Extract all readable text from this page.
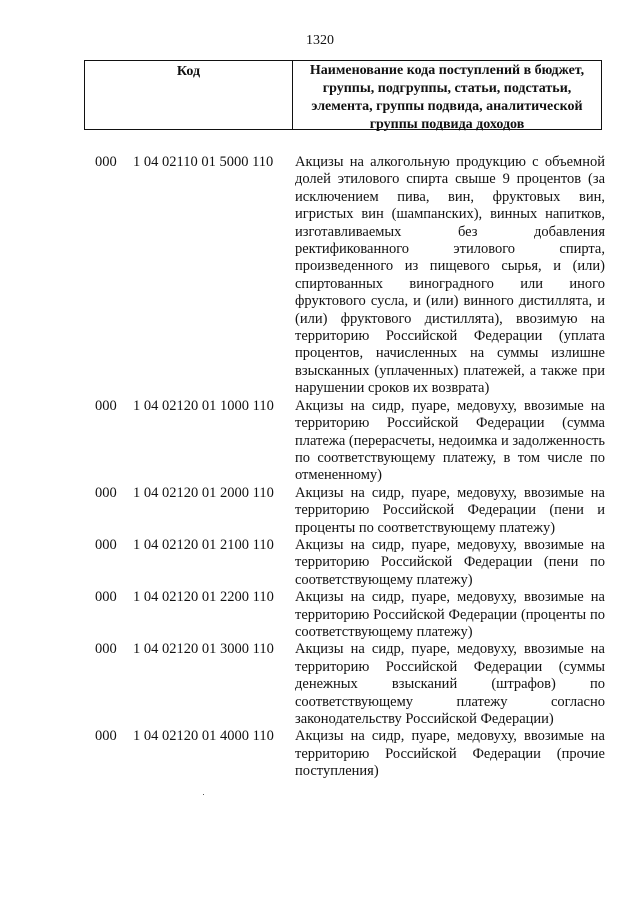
1320
Код	Наименование кода поступлений в бюджет, группы, подгруппы, статьи, подстатьи, элемента, группы подвида, аналитической группы подвида доходов
000	1 04 02110 01 5000 110	Акцизы на алкогольную продукцию с объемной долей этилового спирта свыше 9 процентов (за исключением пива, вин, фруктовых вин, игристых вин (шампанских), винных напитков, изготавливаемых без добавления ректификованного этилового спирта, произведенного из пищевого сырья, и (или) спиртованных виноградного или иного фруктового сусла, и (или) винного дистиллята, и (или) фруктового дистиллята), ввозимую на территорию Российской Федерации (уплата процентов, начисленных на суммы излишне взысканных (уплаченных) платежей, а также при нарушении сроков их возврата)
000	1 04 02120 01 1000 110	Акцизы на сидр, пуаре, медовуху, ввозимые на территорию Российской Федерации (сумма платежа (перерасчеты, недоимка и задолженность по соответствующему платежу, в том числе по отмененному)
000	1 04 02120 01 2000 110	Акцизы на сидр, пуаре, медовуху, ввозимые на территорию Российской Федерации (пени и проценты по соответствующему платежу)
000	1 04 02120 01 2100 110	Акцизы на сидр, пуаре, медовуху, ввозимые на территорию Российской Федерации (пени по соответствующему платежу)
000	1 04 02120 01 2200 110	Акцизы на сидр, пуаре, медовуху, ввозимые на территорию Российской Федерации (проценты по соответствующему платежу)
000	1 04 02120 01 3000 110	Акцизы на сидр, пуаре, медовуху, ввозимые на территорию Российской Федерации (суммы денежных взысканий (штрафов) по соответствующему платежу согласно законодательству Российской Федерации)
000	1 04 02120 01 4000 110	Акцизы на сидр, пуаре, медовуху, ввозимые на территорию Российской Федерации (прочие поступления)
